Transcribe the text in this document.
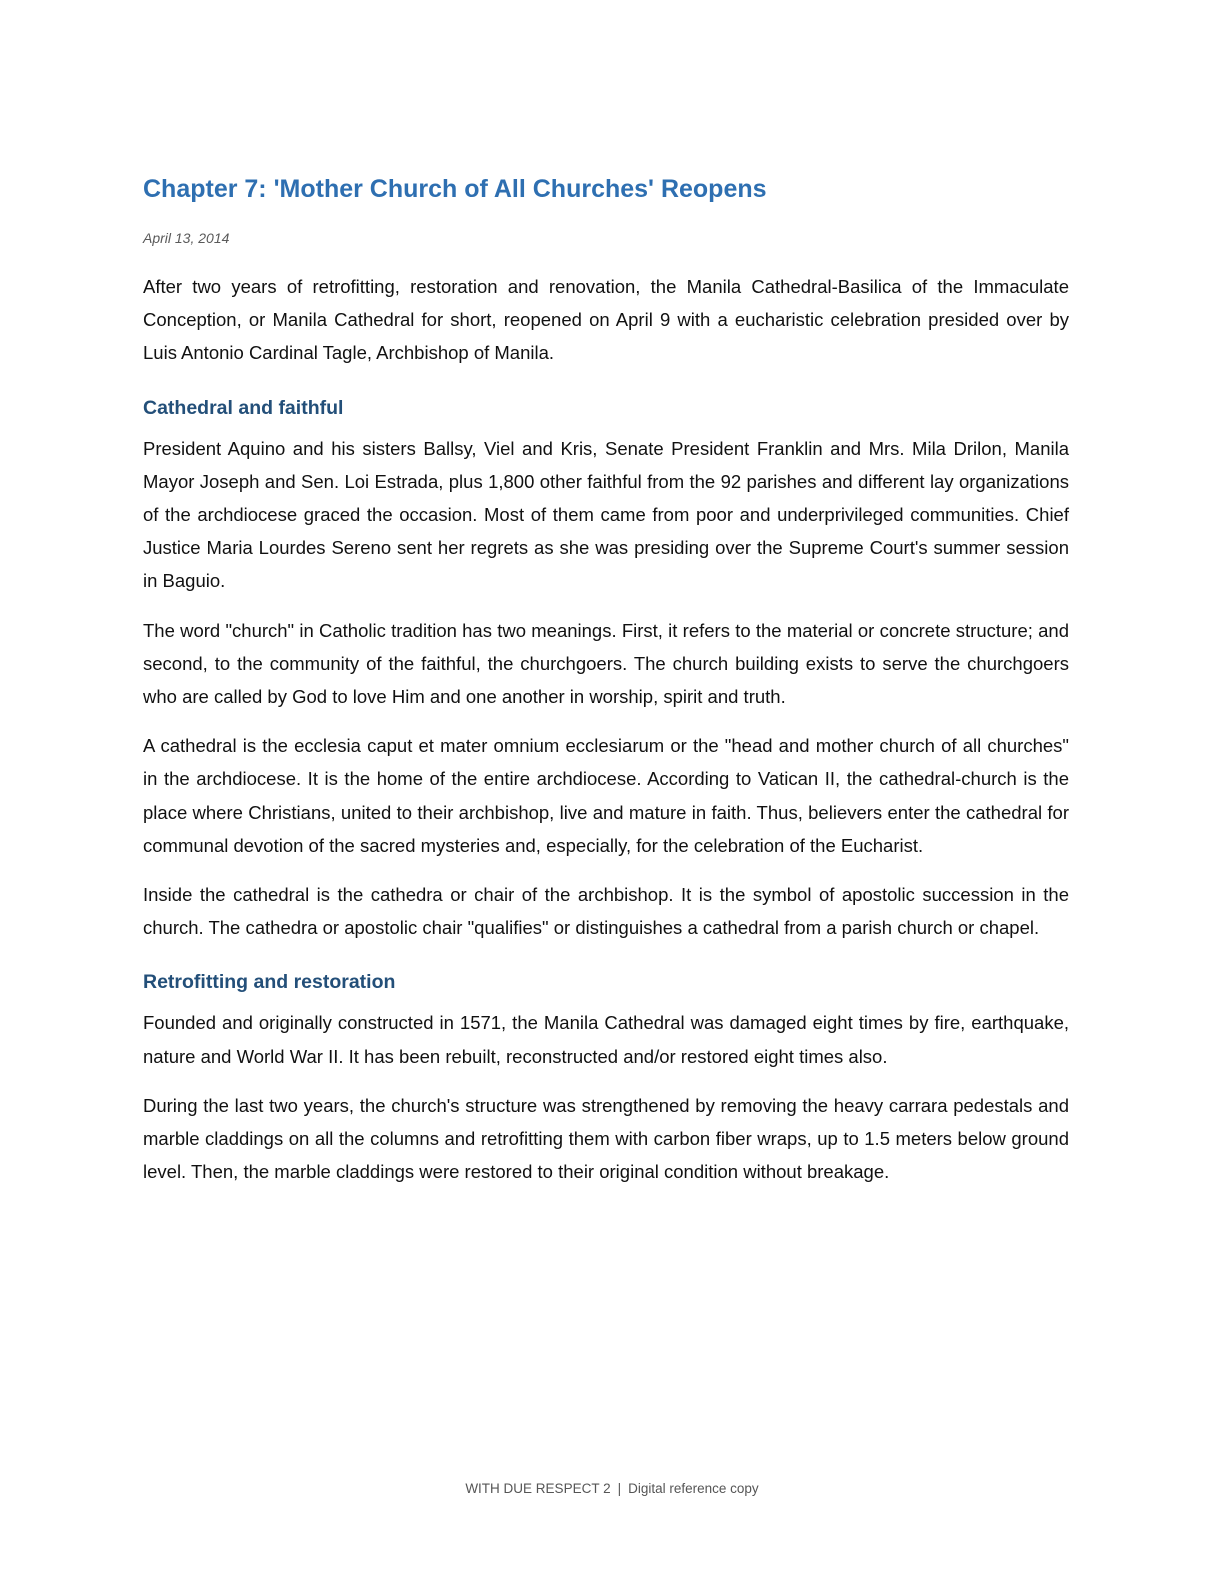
Chapter 7: 'Mother Church of All Churches' Reopens
April 13, 2014

After two years of retrofitting, restoration and renovation, the Manila Cathedral-Basilica of the Immaculate Conception, or Manila Cathedral for short, reopened on April 9 with a eucharistic celebration presided over by Luis Antonio Cardinal Tagle, Archbishop of Manila.

Cathedral and faithful

President Aquino and his sisters Ballsy, Viel and Kris, Senate President Franklin and Mrs. Mila Drilon, Manila Mayor Joseph and Sen. Loi Estrada, plus 1,800 other faithful from the 92 parishes and different lay organizations of the archdiocese graced the occasion. Most of them came from poor and underprivileged communities. Chief Justice Maria Lourdes Sereno sent her regrets as she was presiding over the Supreme Court's summer session in Baguio.

The word "church" in Catholic tradition has two meanings. First, it refers to the material or concrete structure; and second, to the community of the faithful, the churchgoers. The church building exists to serve the churchgoers who are called by God to love Him and one another in worship, spirit and truth.

A cathedral is the ecclesia caput et mater omnium ecclesiarum or the "head and mother church of all churches" in the archdiocese. It is the home of the entire archdiocese. According to Vatican II, the cathedral-church is the place where Christians, united to their archbishop, live and mature in faith. Thus, believers enter the cathedral for communal devotion of the sacred mysteries and, especially, for the celebration of the Eucharist.

Inside the cathedral is the cathedra or chair of the archbishop. It is the symbol of apostolic succession in the church. The cathedra or apostolic chair "qualifies" or distinguishes a cathedral from a parish church or chapel.

Retrofitting and restoration

Founded and originally constructed in 1571, the Manila Cathedral was damaged eight times by fire, earthquake, nature and World War II. It has been rebuilt, reconstructed and/or restored eight times also.

During the last two years, the church's structure was strengthened by removing the heavy carrara pedestals and marble claddings on all the columns and retrofitting them with carbon fiber wraps, up to 1.5 meters below ground level. Then, the marble claddings were restored to their original condition without breakage.

WITH DUE RESPECT 2 | Digital reference copy
